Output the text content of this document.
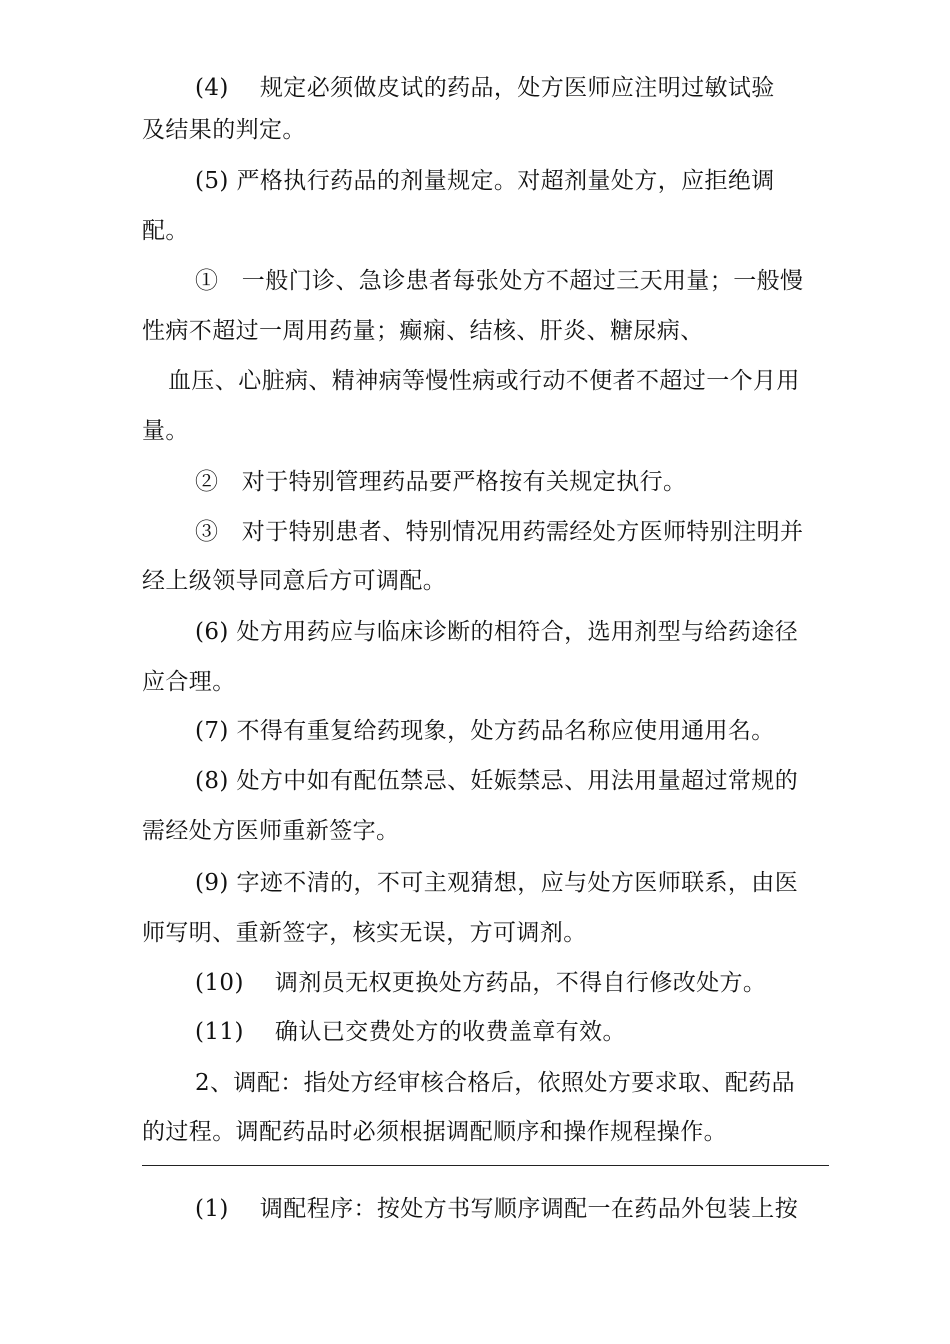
(4)　 规定必须做皮试的药品，处方医师应注明过敏试验
及结果的判定。
(5) 严格执行药品的剂量规定。对超剂量处方，应拒绝调
配。
①　一般门诊、急诊患者每张处方不超过三天用量；一般慢
性病不超过一周用药量；癫痫、结核、肝炎、糖尿病、
血压、心脏病、精神病等慢性病或行动不便者不超过一个月用
量。
②　对于特别管理药品要严格按有关规定执行。
③　对于特别患者、特别情况用药需经处方医师特别注明并
经上级领导同意后方可调配。
(6) 处方用药应与临床诊断的相符合，选用剂型与给药途径
应合理。
(7) 不得有重复给药现象，处方药品名称应使用通用名。
(8) 处方中如有配伍禁忌、妊娠禁忌、用法用量超过常规的
需经处方医师重新签字。
(9) 字迹不清的，不可主观猜想，应与处方医师联系，由医
师写明、重新签字，核实无误，方可调剂。
(10)　 调剂员无权更换处方药品，不得自行修改处方。
(11)　 确认已交费处方的收费盖章有效。
2、调配：指处方经审核合格后，依照处方要求取、配药品
的过程。调配药品时必须根据调配顺序和操作规程操作。
(1)　 调配程序：按处方书写顺序调配一在药品外包装上按
